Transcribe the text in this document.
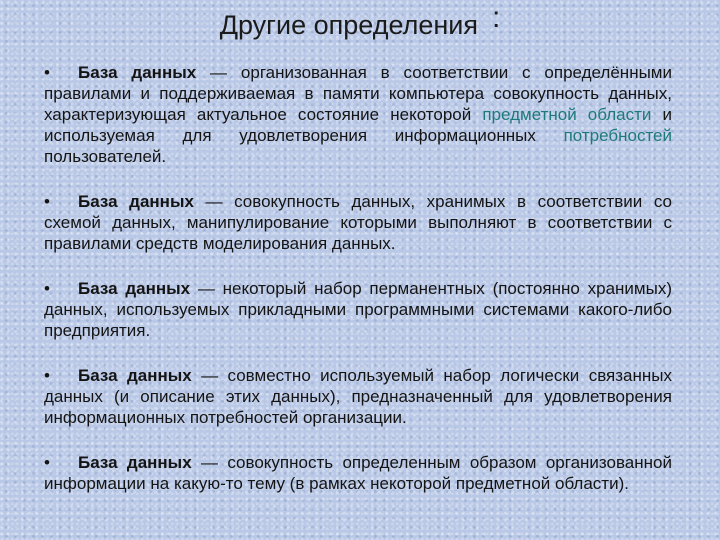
Другие определения :

• База данных — организованная в соответствии с определёнными правилами и поддерживаемая в памяти компьютера совокупность данных, характеризующая актуальное состояние некоторой предметной области и используемая для удовлетворения информационных потребностей пользователей.

• База данных — совокупность данных, хранимых в соответствии со схемой данных, манипулирование которыми выполняют в соответствии с правилами средств моделирования данных.

• База данных — некоторый набор перманентных (постоянно хранимых) данных, используемых прикладными программными системами какого-либо предприятия.

• База данных — совместно используемый набор логически связанных данных (и описание этих данных), предназначенный для удовлетворения информационных потребностей организации.

• База данных — совокупность определенным образом организованной информации на какую-то тему (в рамках некоторой предметной области).
